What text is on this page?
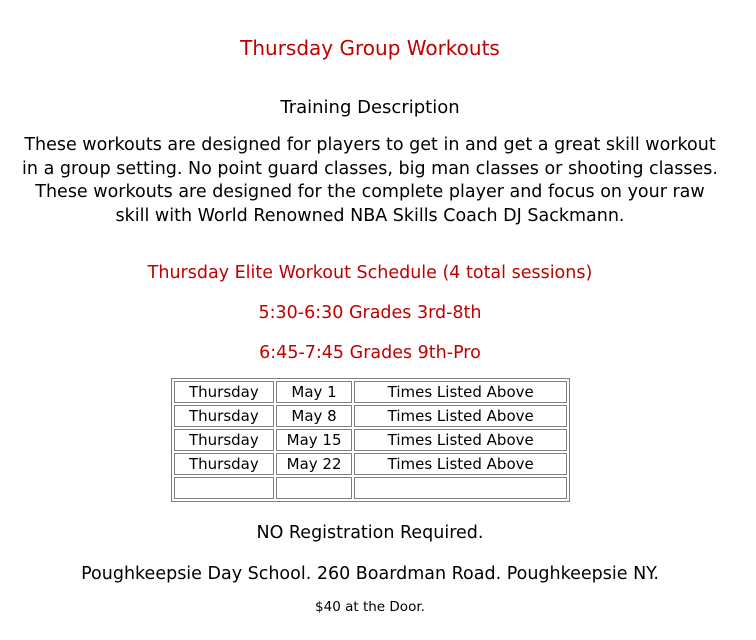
Thursday Group Workouts
Training Description
These workouts are designed for players to get in and get a great skill workout in a group setting. No point guard classes, big man classes or shooting classes. These workouts are designed for the complete player and focus on your raw skill with World Renowned NBA Skills Coach DJ Sackmann.
Thursday Elite Workout Schedule (4 total sessions)
5:30-6:30 Grades 3rd-8th
6:45-7:45 Grades 9th-Pro
Thursday	May 1	Times Listed Above
Thursday	May 8	Times Listed Above
Thursday	May 15	Times Listed Above
Thursday	May 22	Times Listed Above

NO Registration Required.
Poughkeepsie Day School. 260 Boardman Road. Poughkeepsie NY.
$40 at the Door.
